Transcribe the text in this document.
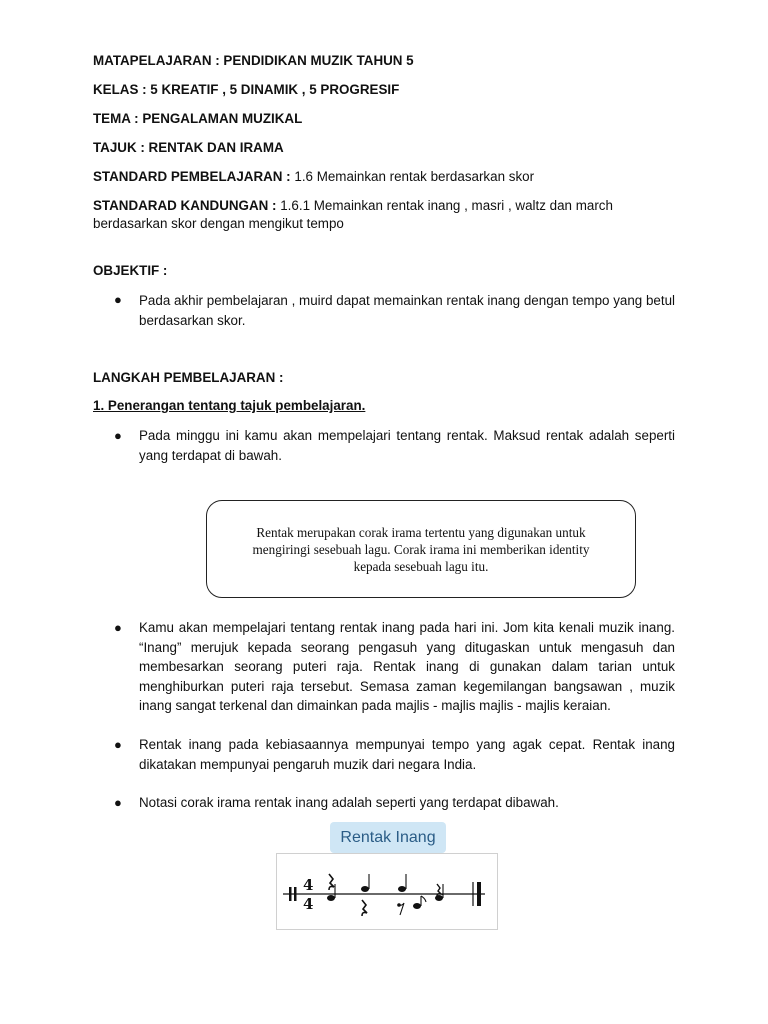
MATAPELAJARAN : PENDIDIKAN MUZIK TAHUN 5
KELAS : 5 KREATIF , 5 DINAMIK , 5 PROGRESIF
TEMA : PENGALAMAN MUZIKAL
TAJUK : RENTAK DAN IRAMA
STANDARD PEMBELAJARAN : 1.6 Memainkan rentak berdasarkan skor
STANDARAD KANDUNGAN : 1.6.1 Memainkan rentak inang , masri , waltz dan march
berdasarkan skor dengan mengikut tempo
OBJEKTIF :
● Pada akhir pembelajaran , muird dapat memainkan rentak inang dengan tempo yang betul berdasarkan skor.
LANGKAH PEMBELAJARAN :
1. Penerangan tentang tajuk pembelajaran.
● Pada minggu ini kamu akan mempelajari tentang rentak. Maksud rentak adalah seperti yang terdapat di bawah.
Rentak merupakan corak irama tertentu yang digunakan untuk mengiringi sesebuah lagu. Corak irama ini memberikan identity kepada sesebuah lagu itu.
● Kamu akan mempelajari tentang rentak inang pada hari ini. Jom kita kenali muzik inang. “Inang” merujuk kepada seorang pengasuh yang ditugaskan untuk mengasuh dan membesarkan seorang puteri raja. Rentak inang di gunakan dalam tarian untuk menghiburkan puteri raja tersebut. Semasa zaman kegemilangan bangsawan , muzik inang sangat terkenal dan dimainkan pada majlis - majlis majlis - majlis keraian.
● Rentak inang pada kebiasaannya mempunyai tempo yang agak cepat. Rentak inang dikatakan mempunyai pengaruh muzik dari negara India.
● Notasi corak irama rentak inang adalah seperti yang terdapat dibawah.
Rentak Inang
4
4
